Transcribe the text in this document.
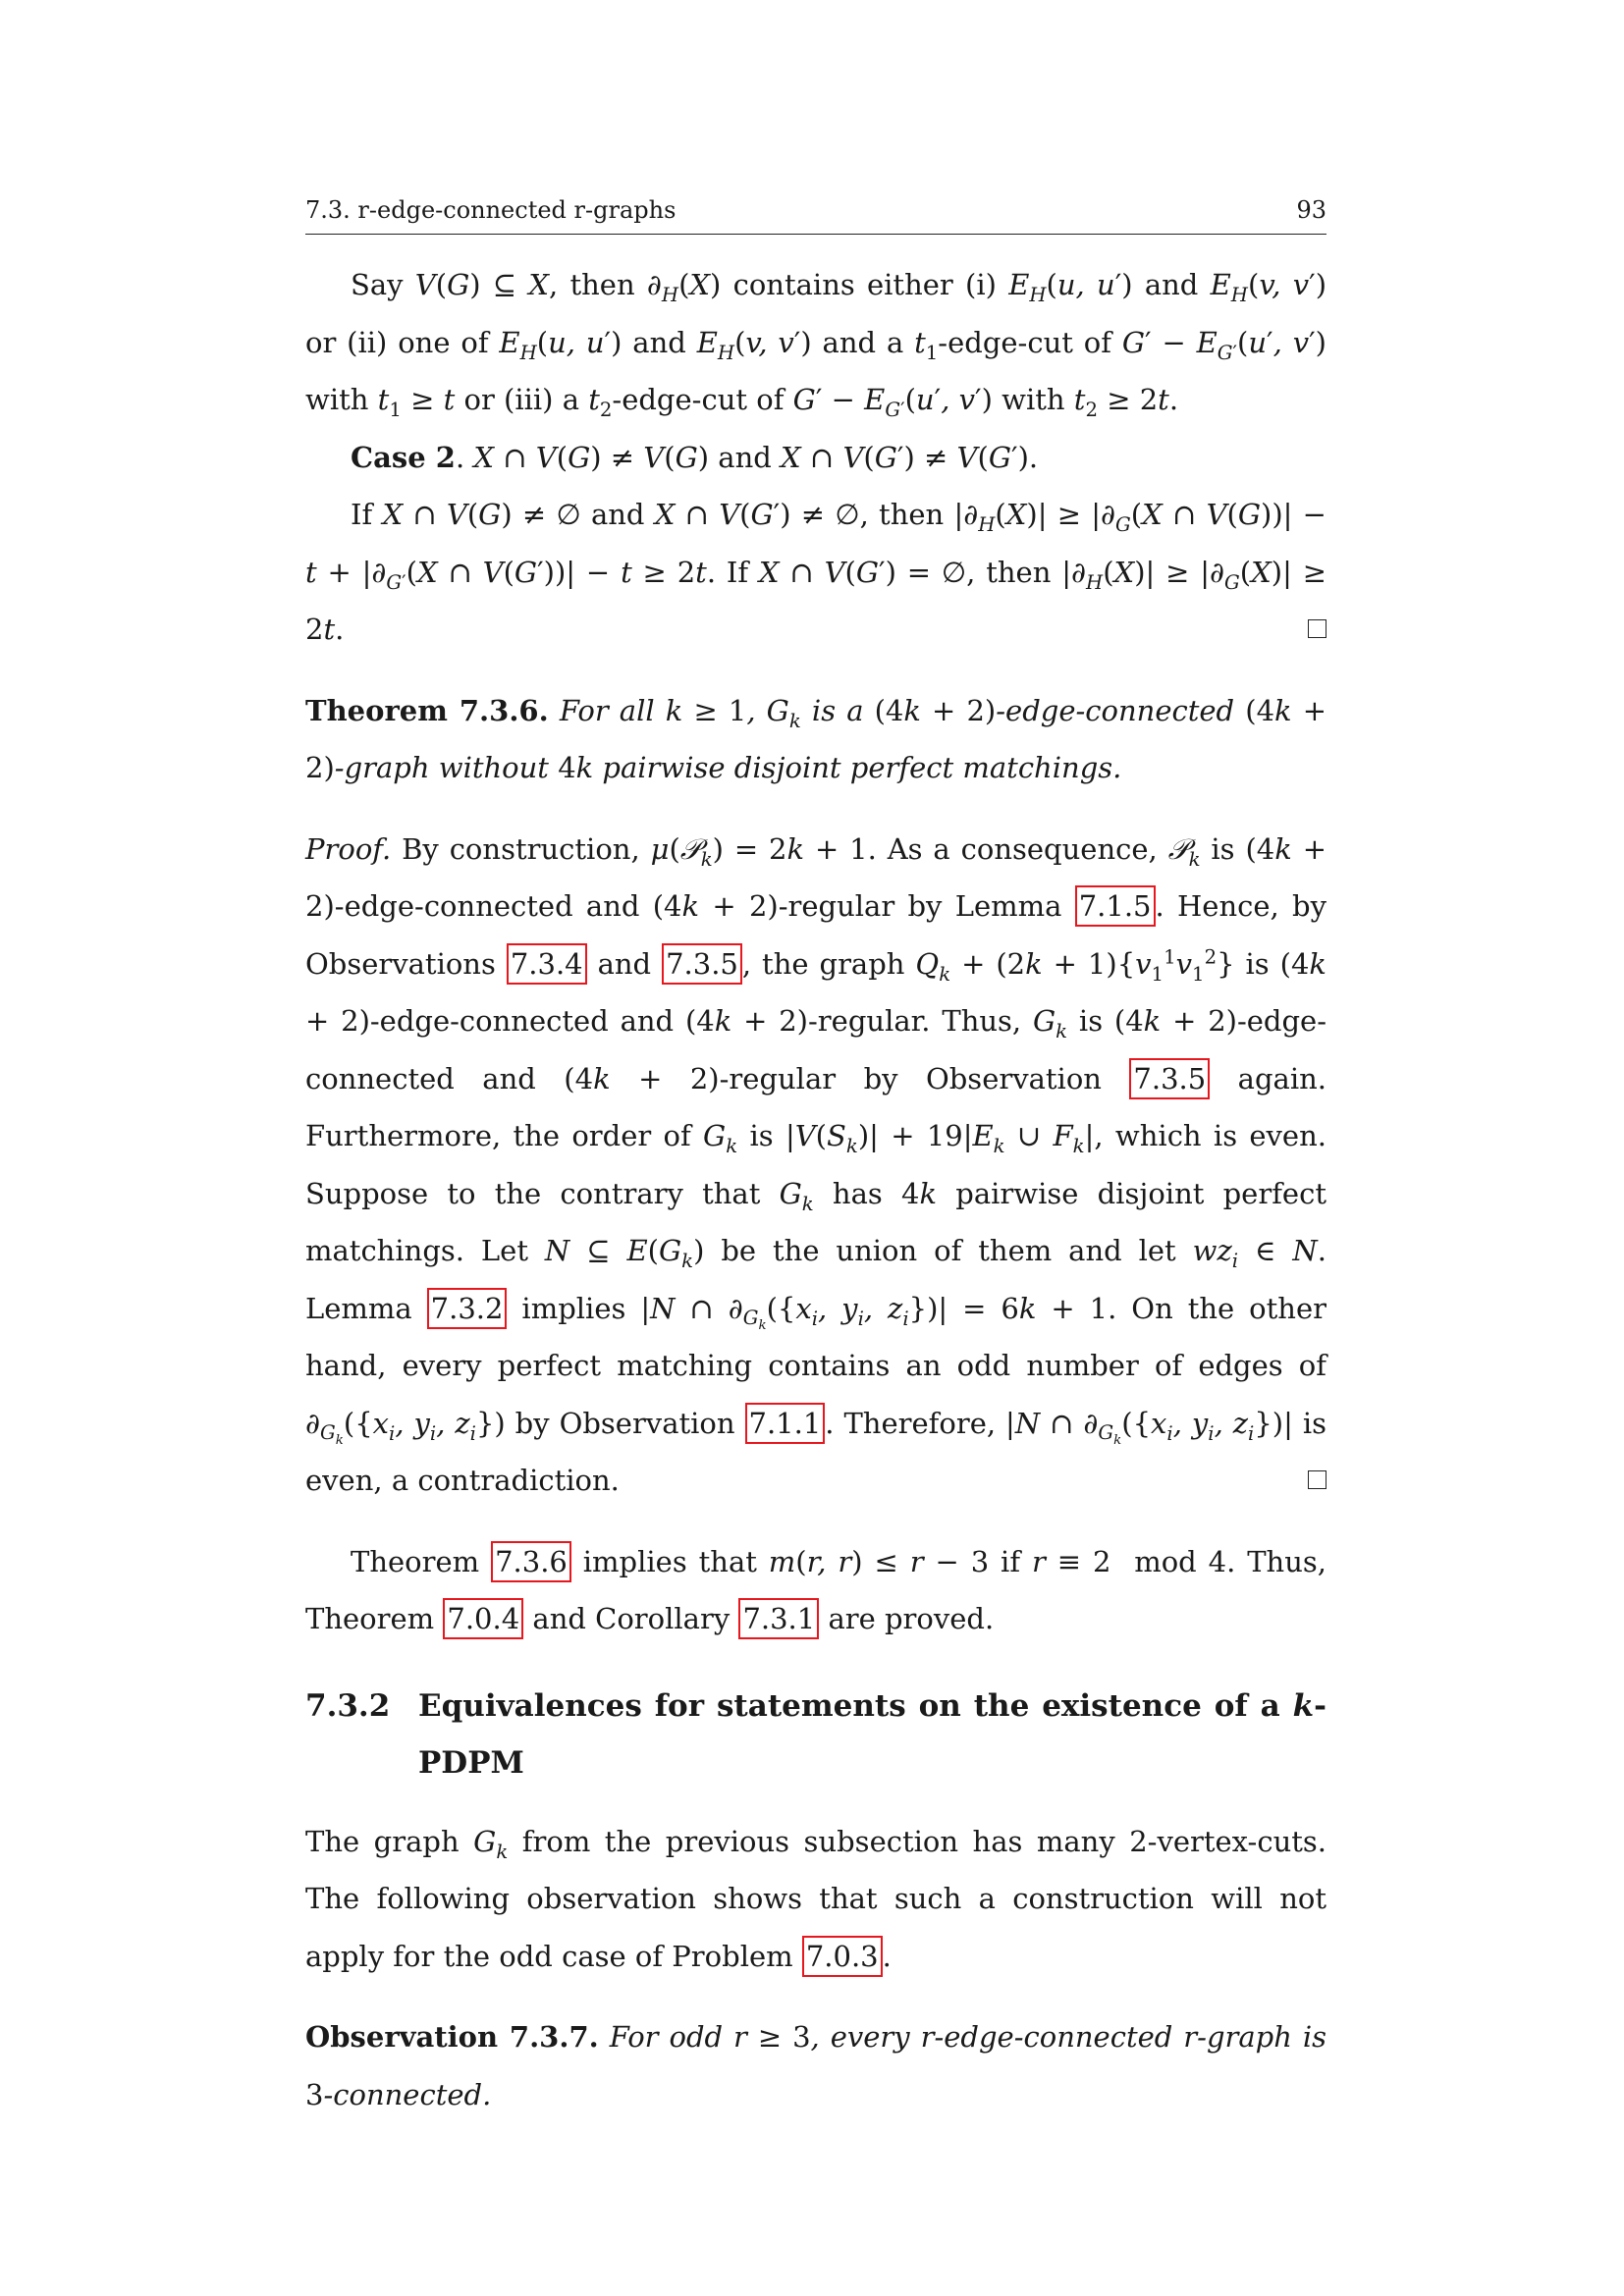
7.3. r-edge-connected r-graphs	93

Say V(G) ⊆ X, then $\partial_H(X)$ contains either (i) $E_H(u$, u′) and $E_H(v$, v′) or (ii) one of $E_H(u$, u′) and $E_H(v$, v′) and a $t_1-edge$-cut of $G' - E_{G'}(u'$, v′) with $t_1 \ge t$ or (iii) a $t_2-edge$-cut of $G' - E_{G'}(u'$, v′) with $t_2 \ge 2t$.

Case 2. X ∩ V(G) ≠ V(G) and X ∩ V(G′) ≠ V(G′).

If X ∩ V(G) ≠ ∅ and X ∩ V(G′) ≠ ∅, then $|\partial_H(X)| \ge |\partial_G(X$ ∩ $V(G))| - t + |\partial_{G'}(X$ ∩ V(G′))| − t ≥ 2t. If X ∩ V(G′) = ∅, then $|\partial_H(X)| \ge |\partial_G(X)| \ge 2t$.

Theorem 7.3.6. For all k ≥ 1, $G_k$ is a (4k + 2)-edge-connected (4k + 2)-graph without 4k pairwise disjoint perfect matchings.

Proof. By construction, μ(𝒫$_k$) = 2k + 1. As a consequence, 𝒫$_k$ is (4k + 2)-edge-connected and (4k + 2)-regular by Lemma 7.1.5 . Hence, by Observations 7.3.4 and 7.3.5 , the graph $Q_k + (2k + 1)\{v_1^1v_1^2\}$ is (4k + 2)-edge-connected and (4k + 2)-regular. Thus, $G_k$ is (4k + 2)-edge-connected and (4k + 2)-regular by Observation 7.3.5 again. Furthermore, the order of $G_k$ is $|V(S_k)| + 19|E_k$ ∪ $F_k|$, which is even. Suppose to the contrary that $G_k$ has 4k pairwise disjoint perfect matchings. Let N ⊆ $E(G_k)$ be the union of them and let $wz_i$ ∈ N. Lemma 7.3.2 implies |N ∩ $\partial_{G_k}(\{x_i$, $y_i$, $z_i\})| = 6k + 1$. On the other hand, every perfect matching contains an odd number of edges of $\partial_{G_k}(\{x_i$, $y_i$, $z_i$}) by Observation 7.1.1 . Therefore, |N ∩ $\partial_{G_k}(\{x_i$, $y_i$, $z_i\})|$ is even, a contradiction.

Theorem 7.3.6 implies that m(r, r) ≤ r − 3 if r ≡ 2  mod 4. Thus, Theorem 7.0.4 and Corollary 7.3.1 are proved.

7.3.2 Equivalences for statements on the existence of a k-PDPM

The graph $G_k$ from the previous subsection has many 2-vertex-cuts. The following observation shows that such a construction will not apply for the odd case of Problem 7.0.3 .

Observation 7.3.7. For odd r ≥ 3, every r-edge-connected r-graph is 3-connected.
